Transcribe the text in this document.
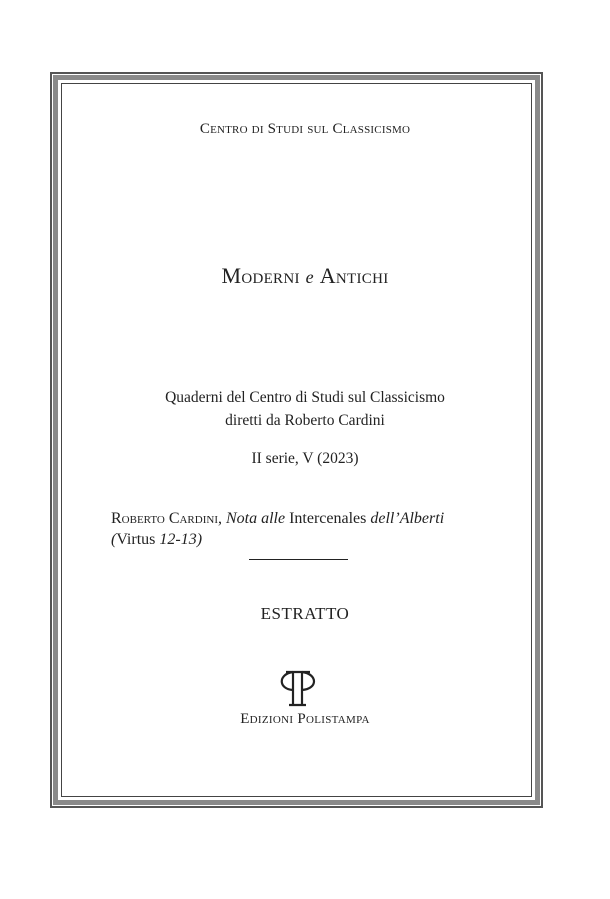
Centro di Studi sul Classicismo
Moderni e Antichi
Quaderni del Centro di Studi sul Classicismo
diretti da Roberto Cardini
II serie, V (2023)
Roberto Cardini, Nota alle Intercenales dell’Alberti
(Virtus 12-13)
ESTRATTO
Edizioni Polistampa
